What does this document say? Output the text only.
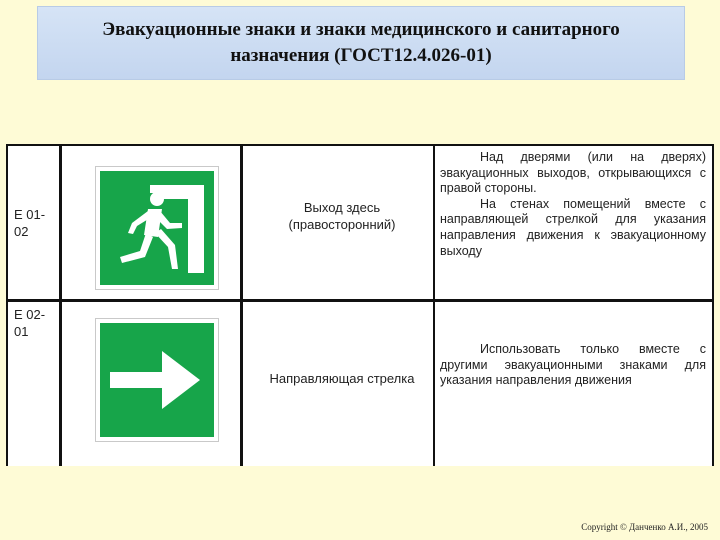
Эвакуационные знаки и знаки медицинского и санитарного назначения (ГОСТ12.4.026-01)
Е 01-02
Выход здесь (правосторонний)

Над дверями (или на дверях) эвакуационных выходов, открывающихся с правой стороны.

На стенах помещений вместе с направляющей стрелкой для указания направления движения к эвакуационному выходу

Е 02-01
Направляющая стрелка

Использовать только вместе с другими эвакуационными знаками для указания направления движения

Copyright © Данченко А.И., 2005
